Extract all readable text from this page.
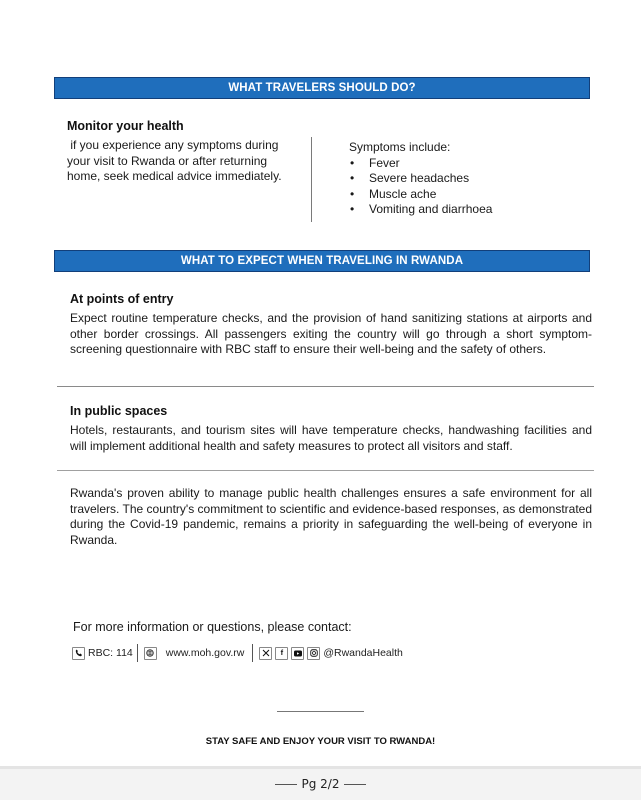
WHAT TRAVELERS SHOULD DO?
Monitor your health
if you experience any symptoms during your visit to Rwanda or after returning home, seek medical advice immediately.
Symptoms include:
• Fever
• Severe headaches
• Muscle ache
• Vomiting and diarrhoea
WHAT TO EXPECT WHEN TRAVELING IN RWANDA
At points of entry
Expect routine temperature checks, and the provision of hand sanitizing stations at airports and other border crossings. All passengers exiting the country will go through a short symptom-screening questionnaire with RBC staff to ensure their well-being and the safety of others.
In public spaces
Hotels, restaurants, and tourism sites will have temperature checks, handwashing facilities and will implement additional health and safety measures to protect all visitors and staff.
Rwanda's proven ability to manage public health challenges ensures a safe environment for all travelers. The country's commitment to scientific and evidence-based responses, as demonstrated during the Covid-19 pandemic, remains a priority in safeguarding the well-being of everyone in Rwanda.
For more information or questions, please contact:
RBC: 114	www.moh.gov.rw	f	@RwandaHealth
STAY SAFE AND ENJOY YOUR VISIT TO RWANDA!
Pg 2/2
